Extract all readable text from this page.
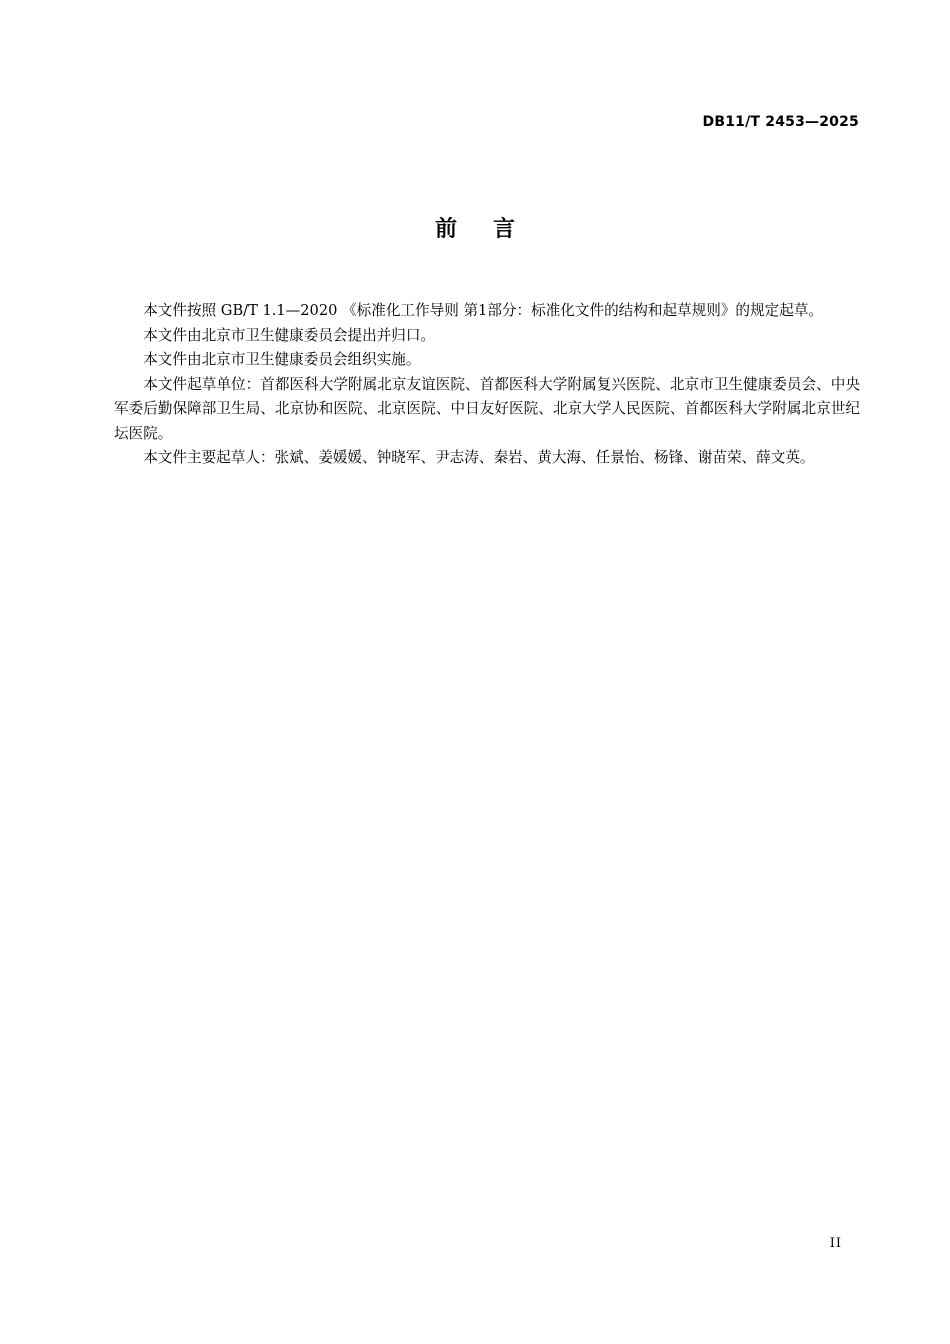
DB11/T 2453—2025
前言

本文件按照 GB/T 1.1—2020 《标准化工作导则 第1部分：标准化文件的结构和起草规则》的规定起草。

本文件由北京市卫生健康委员会提出并归口。

本文件由北京市卫生健康委员会组织实施。

本文件起草单位：首都医科大学附属北京友谊医院、首都医科大学附属复兴医院、北京市卫生健康委员会、中央军委后勤保障部卫生局、北京协和医院、北京医院、中日友好医院、北京大学人民医院、首都医科大学附属北京世纪坛医院。

本文件主要起草人：张斌、姜媛媛、钟晓军、尹志涛、秦岩、黄大海、任景怡、杨锋、谢苗荣、薛文英。

II
